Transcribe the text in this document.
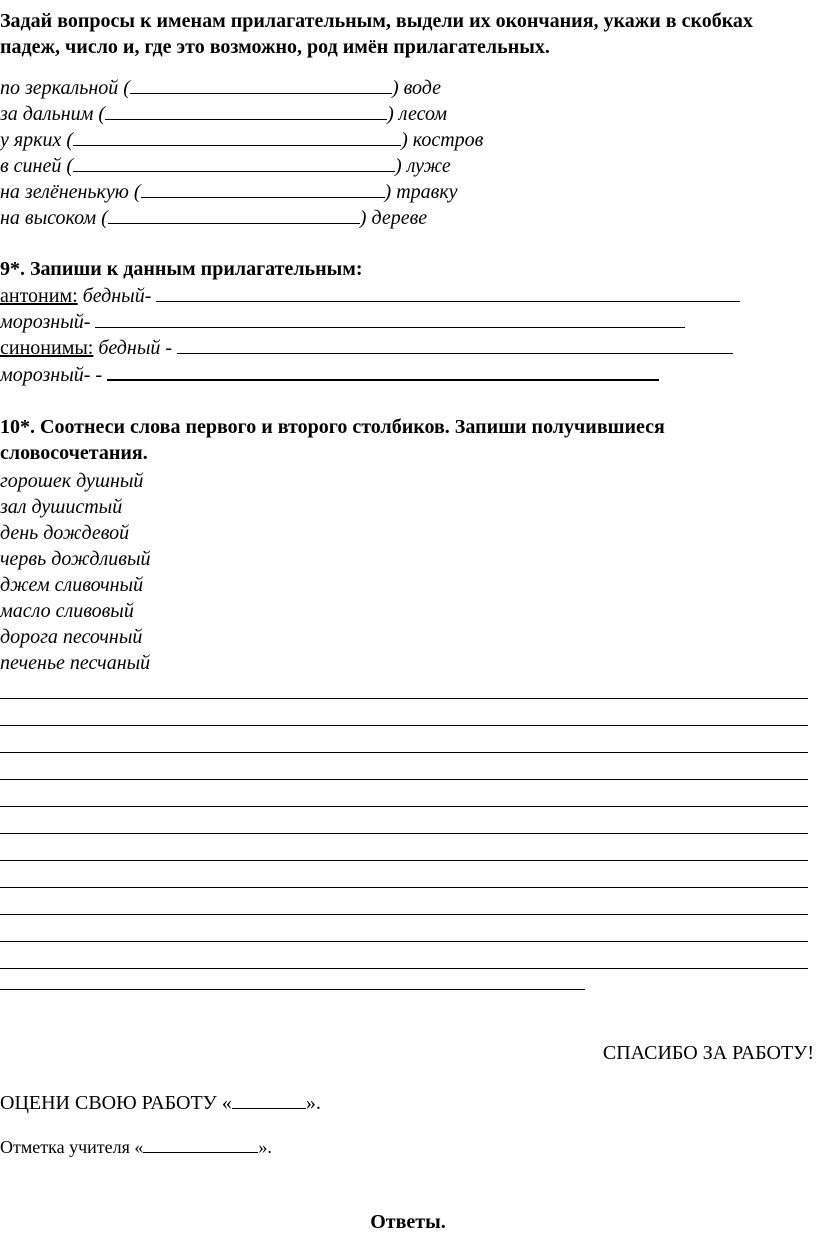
Задай вопросы к именам прилагательным, выдели их окончания, укажи в скобках падеж, число и, где это возможно, род имён прилагательных.
по зеркальной (	) воде
за дальним (	) лесом
у ярких (	) костров
в синей (	) луже
на зелёненькую (	) травку
на высоком (	) дереве
9*. Запиши к данным прилагательным:
антоним: бедный-
морозный-
синонимы: бедный -
морозный- -
10*. Соотнеси слова первого и второго столбиков. Запиши получившиеся словосочетания.
горошек душный
зал душистый
день дождевой
червь дождливый
джем сливочный
масло сливовый
дорога песочный
печенье песчаный
СПАСИБО ЗА РАБОТУ!
ОЦЕНИ СВОЮ РАБОТУ «	».
Отметка учителя «	».
Ответы.
